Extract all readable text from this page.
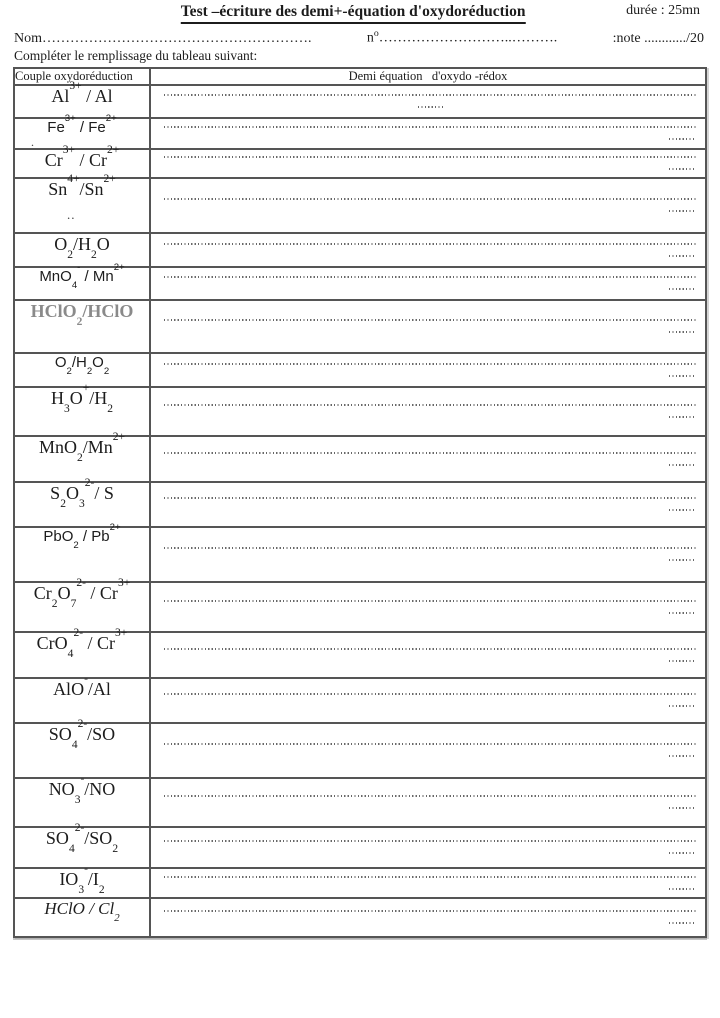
Test –écriture des demi+-équation d'oxydoréduction	durée : 25mn
Nom………………………………………………….	$n^o\dots\dots\dots\dots\dots\dots\dots\dots\dots..\dots\dots\dots$.	:note ............/20
Compléter le remplissage du tableau suivant:
Couple oxydoréduction	Demi équation   d'oxydo -rédox
$Al^{3+}$ / Al	

$Fe^{3+} / Fe^{2+}$
.	

$Cr^{3+} / Cr^{2+}$	

$Sn^{4+}/Sn^{2+}$
..	

$O_2/H_2O$	

$MnO_4^- / Mn^{2+}$	

HClO$_2$/HClO	

$O_2/H_2O_2$	

$H_3O^+/H_2$	

$MnO_2/Mn^{2+}$	

$S_2O_3^{2-}/$ S	

$PbO_2 / Pb^{2+}$	

$Cr_2O_7^{2-} / Cr^{3+}$	

$CrO_4^{2-} / Cr^{3+}$	

AlO-/Al	

$SO_4^{2-}/SO$	

$NO_3^-/NO$	

$SO_4^{2-}/SO_2$	

$IO_3^-/I_2$	

HClO / $Cl_2$	
